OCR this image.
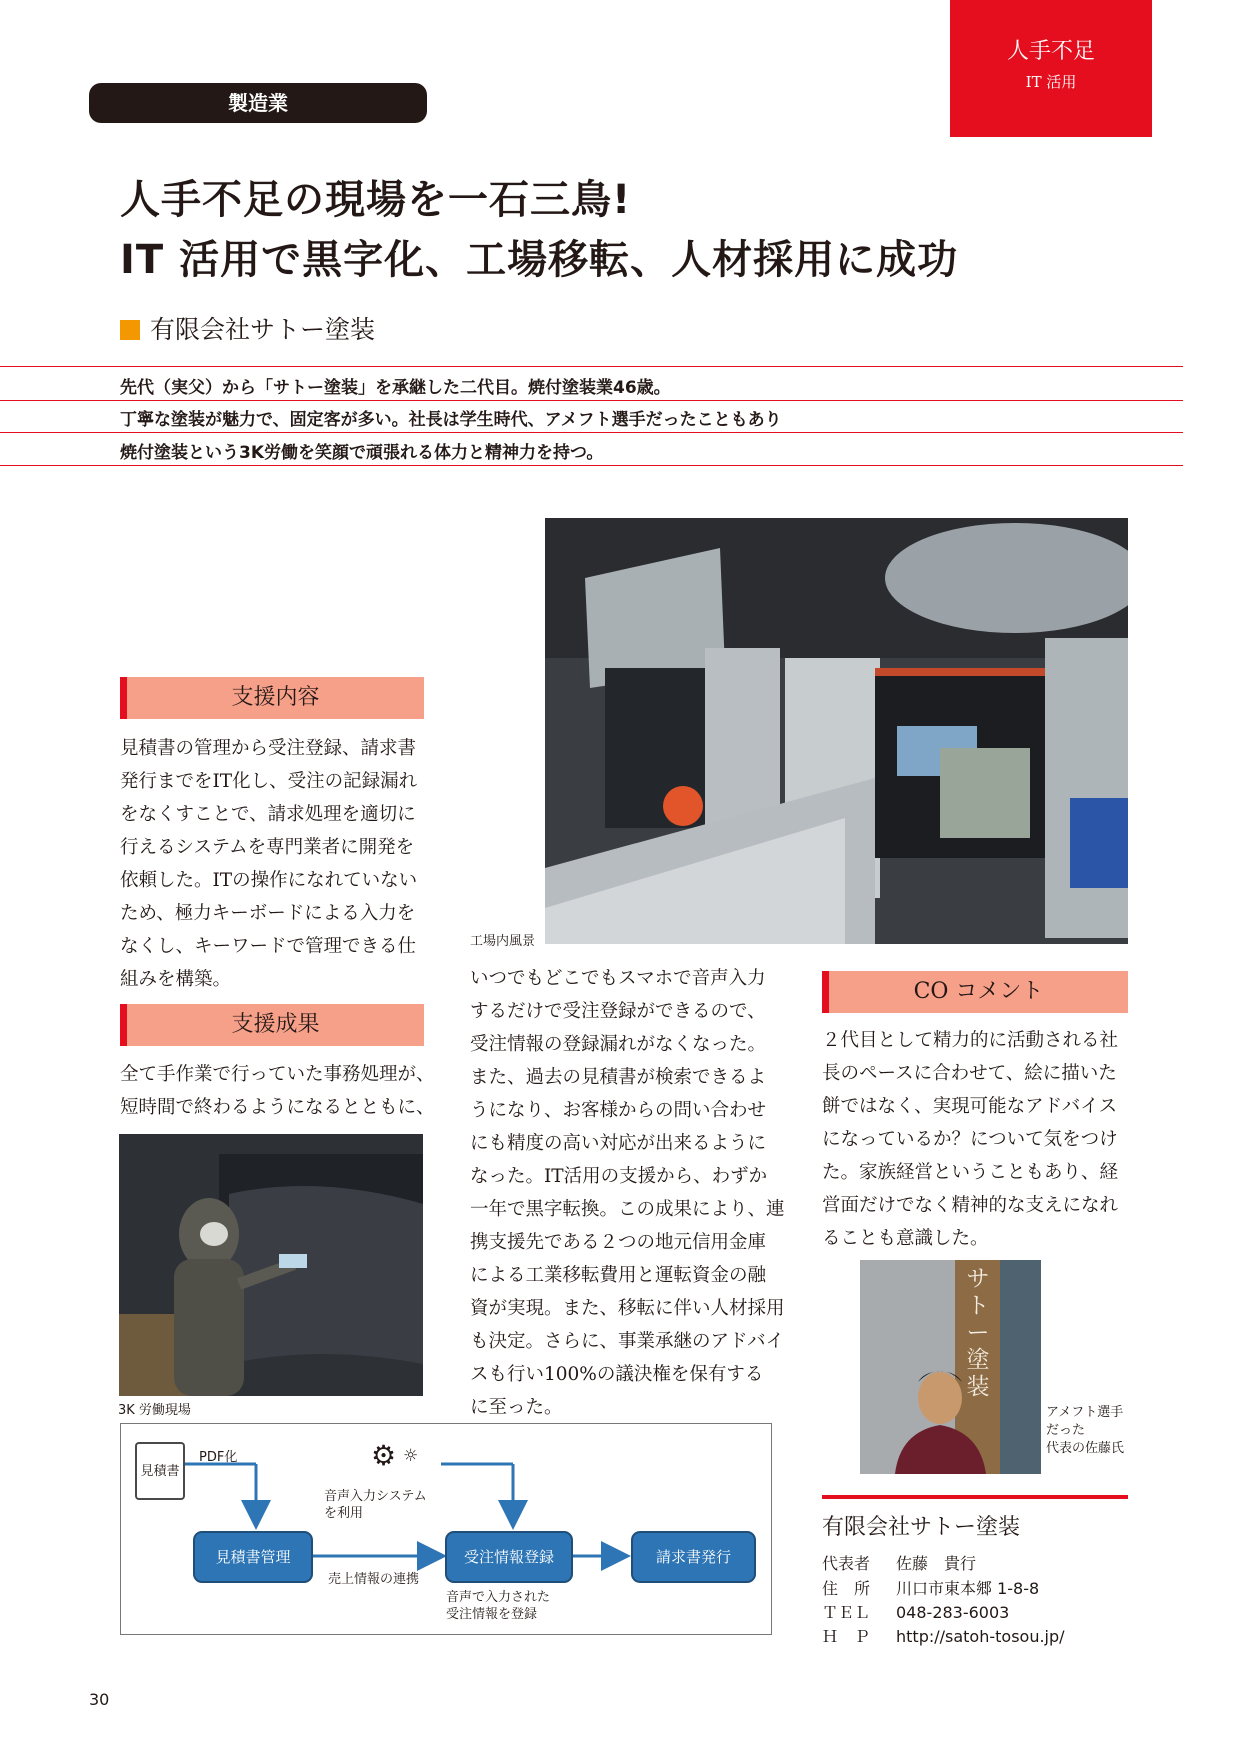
人手不足
IT 活用
製造業
人手不足の現場を一石三鳥!
IT 活用で黒字化、工場移転、人材採用に成功
有限会社サトー塗装
先代（実父）から「サトー塗装」を承継した二代目。焼付塗装業46歳。
丁寧な塗装が魅力で、固定客が多い。社長は学生時代、アメフト選手だったこともあり
焼付塗装という3K労働を笑顔で頑張れる体力と精神力を持つ。
工場内風景
支援内容
見積書の管理から受注登録、請求書
発行までをIT化し、受注の記録漏れ
をなくすことで、請求処理を適切に
行えるシステムを専門業者に開発を
依頼した。ITの操作になれていない
ため、極力キーボードによる入力を
なくし、キーワードで管理できる仕
組みを構築。
支援成果
全て手作業で行っていた事務処理が、
短時間で終わるようになるとともに、
3K 労働現場
いつでもどこでもスマホで音声入力
するだけで受注登録ができるので、
受注情報の登録漏れがなくなった。
また、過去の見積書が検索できるよ
うになり、お客様からの問い合わせ
にも精度の高い対応が出来るように
なった。IT活用の支援から、わずか
一年で黒字転換。この成果により、連
携支援先である２つの地元信用金庫
による工業移転費用と運転資金の融
資が実現。また、移転に伴い人材採用
も決定。さらに、事業承継のアドバイ
スも行い100%の議決権を保有する
に至った。
CO コメント
２代目として精力的に活動される社
長のペースに合わせて、絵に描いた
餅ではなく、実現可能なアドバイス
になっているか？について気をつけ
た。家族経営ということもあり、経
営面だけでなく精神的な支えになれ
ることも意識した。
サトー塗装
アメフト選手
だった
代表の佐藤氏
見積書
PDF化	⚙ ☼
音声入力システム
を利用
見積書管理	受注情報登録	請求書発行
売上情報の連携
音声で入力された
受注情報を登録
有限会社サトー塗装
代表者 佐藤　貴行
住　所 川口市東本郷 1-8-8
ＴＥＬ 048-283-6003
Ｈ　Ｐ http://satoh-tosou.jp/
30
